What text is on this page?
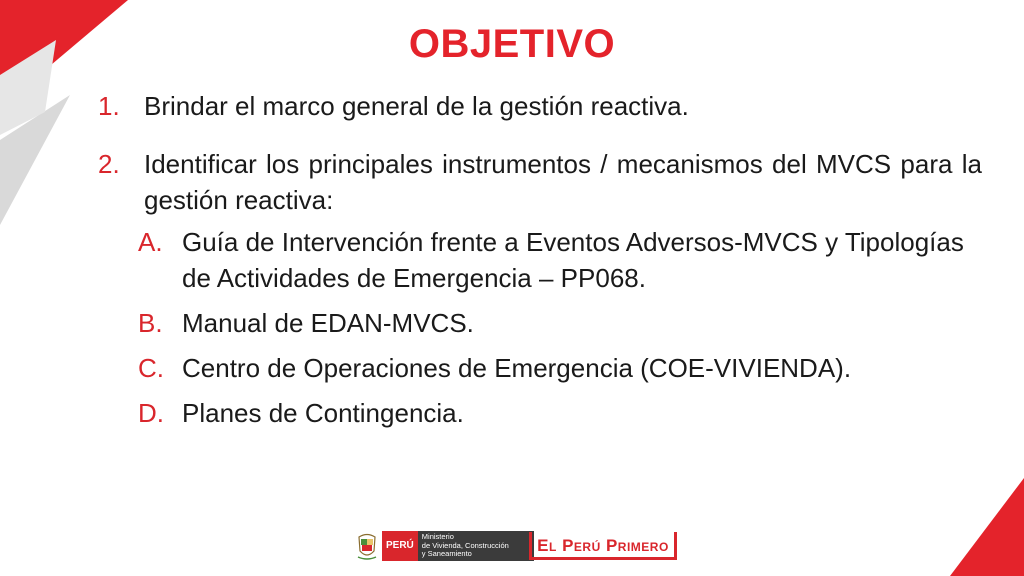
OBJETIVO
1. Brindar el marco general de la gestión reactiva.
2. Identificar los principales instrumentos / mecanismos del MVCS para la gestión reactiva:
A. Guía de Intervención frente a Eventos Adversos-MVCS y Tipologías de Actividades de Emergencia – PP068.
B. Manual de EDAN-MVCS.
C. Centro de Operaciones de Emergencia (COE-VIVIENDA).
D. Planes de Contingencia.
PERÚ
Ministerio
de Vivienda, Construcción
y Saneamiento	El Perú Primero
